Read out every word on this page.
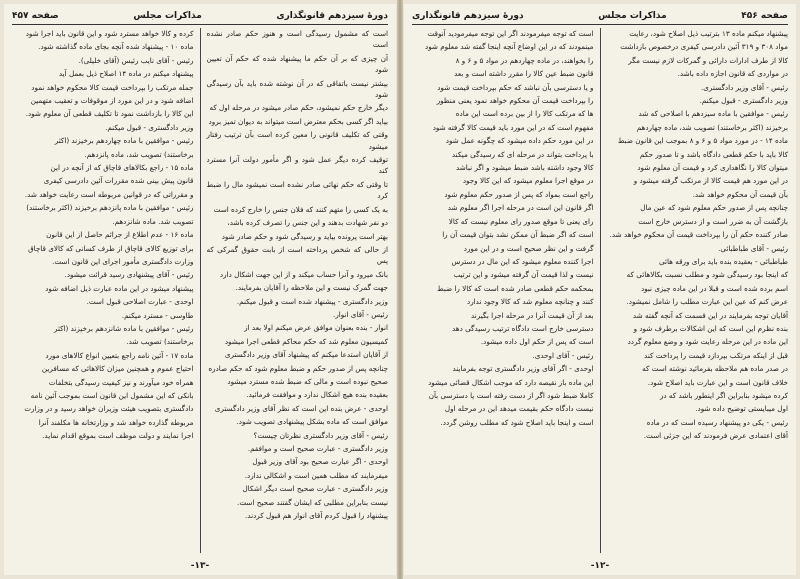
دورۀ سیزدهم قانونگذاری
مذاکرات مجلس
صفحه ۴۵۷

است که مشمول رسیدگی است و هنوز حکم صادر نشده است

آن چیزی که بر آن حکم ما پیشنهاد شده که حکم آن تعیین شود

بیشتر نیست باتفاقی که در آن نوشته شده باید بآن رسیدگی شود

دیگر خارج حکم نمیشود، حکم صادر میشود در مرحله اول که

بیاید اگر کسی بحکم معترض است میتواند به دیوان تمیز برود

وقتی که تکلیف قانونی را معین کرده است بآن ترتیب رفتار میشود

توقیف کرده دیگر عمل شود و اگر مأمور دولت آنرا مسترد کند

تا وقتی که حکم نهائی صادر نشده است نمیشود مال را ضبط کرد

به یک کسی را متهم کنند که فلان جنس را خارج کرده است

دو نفر شهادت بدهند و این جنس را تصرف کرده باشد،

بهتر است پرونده بیاید و رسیدگی شود و حکم صادر شود

از حالی که شخص پرداخته است از بابت حقوق گمرکی که پس

بانک میرود و آنرا حساب میکند و از این جهت اشکال دارد

جهت گمرک نیست و این ملاحظه را آقایان بفرمایند.

وزیر دادگستری - پیشنهاد شده است و قبول میکنم.

رئیس - آقای انوار.

انوار - بنده بعنوان موافق عرض میکنم اولا بعد از

کمیسیون معلوم شد که حکم محاکم قطعی اجرا میشود

از آقایان استدعا میکنم که پیشنهاد آقای وزیر دادگستری

چنانچه پس از صدور حکم و ضبط معلوم شود که حکم صادره

صحیح نبوده است و مالی که ضبط شده مسترد میشود

بعقیده بنده هیچ اشکال ندارد و موافقت فرمائید.

اوحدی - عرض بنده این است که نظر آقای وزیر دادگستری

موافق است که ماده بشکل پیشنهادی تصویب شود.

رئیس - آقای وزیر دادگستری نظرتان چیست؟

وزیر دادگستری - عبارت صحیح است و موافقم.

اوحدی - اگر عبارت صحیح بود آقای وزیر قبول

میفرمایند که مطلب همین است و اشکالی ندارد.

وزیر دادگستری - عبارت صحیح است دیگر اشکال

نیست بنابراین مطلبی که ایشان گفتند صحیح است.

پیشنهاد را قبول کردم آقای انوار هم قبول کردند.

کرده و کالا خواهد مسترد شود و این قانون باید اجرا شود

ماده ۱۰ - پیشنهاد شده آنچه بجای ماده گذاشته شود.

رئیس - آقای نایب رئیس (آقای خلیلی).

پیشنهاد میکنم در ماده ۱۴ اصلاح ذیل بعمل آید

جمله مرتکب را بپرداخت قیمت کالا محکوم خواهد نمود

اضافه شود و در این مورد از موقوفات و تعقیب متهمین

این کالا را بازداشت نمود تا تکلیف قطعی آن معلوم شود.

وزیر دادگستری - قبول میکنم.

رئیس - موافقین با ماده چهاردهم برخیزند (اکثر

برخاستند) تصویب شد، ماده پانزدهم.

ماده ۱۵ - راجع بکالاهای قاچاق که از آنچه در این

قانون پیش بینی شده مقررات آئین دادرسی کیفری

و مقرراتی که در قوانین مربوطه است رعایت خواهد شد.

رئیس - موافقین با ماده پانزدهم برخیزند (اکثر برخاستند)

تصویب شد. ماده شانزدهم.

ماده ۱۶ - عدم اطلاع از جرائم حاصل از این قانون

برای توزیع کالای قاچاق از طرف کسانی که کالای قاچاق

وزارت دادگستری مأمور اجرای این قانون است.

رئیس - آقای پیشنهادی رسید قرائت میشود.

پیشنهاد میشود در این ماده عبارت ذیل اضافه شود

اوحدی - عبارت اصلاحی قبول است.

طاوسی - مسترد میکنم.

رئیس - موافقین با ماده شانزدهم برخیزند (اکثر

برخاستند) تصویب شد.

ماده ۱۷ - آئین نامه راجع بتعیین انواع کالاهای مورد

احتیاج عموم و همچنین میزان کالاهائی که مسافرین

همراه خود میآورند و نیز کیفیت رسیدگی بتخلفات

بانکی که این مشمول این قانون است بموجب آئین نامه

دادگستری بتصویب هیئت وزیران خواهد رسید و در وزارت

مربوطه گذارده خواهد شد و وزارتخانه ها مکلفند آنرا

اجرا نمایند و دولت موظف است بموقع اقدام نماید.

-۱۳-
صفحه ۴۵۶
مذاکرات مجلس
دورۀ سیزدهم قانونگذاری

پیشنهاد میکنم ماده ۱۳ بترتیب ذیل اصلاح شود، رعایت

مواد ۳۰۸ و ۳۱۹ آئین دادرسی کیفری درخصوص بازداشت

کالا از طرف ادارات دارائی و گمرکات لازم نیست مگر

در مواردی که قانون اجازه داده باشد.

رئیس - آقای وزیر دادگستری.

وزیر دادگستری - قبول میکنم.

رئیس - موافقین با ماده سیزدهم با اصلاحی که شد

برخیزند (اکثر برخاستند) تصویب شد، ماده چهاردهم

ماده ۱۴ - در مورد مواد ۵ و ۶ و ۸ بموجب این قانون ضبط

کالا باید با حکم قطعی دادگاه باشد و تا صدور حکم

میتوان کالا را نگاهداری کرد و قیمت آن معلوم شود

در این مورد هم قیمت کالا از مرتکب گرفته میشود و

بآن قیمت آن محکوم خواهد شد.

چنانچه پس از صدور حکم معلوم شود که عین مال

بازگشت آن به ضرر است و از دسترس خارج است

صادر کننده حکم آن را بپرداخت قیمت آن محکوم خواهد شد.

رئیس - آقای طباطبائی.

طباطبائی - بعقیده بنده باید برای ورقه هائی

که اینجا بود رسیدگی شود و مطلب نسبت بکالاهائی که

اسم برده شده است و قبلا در این ماده چیزی نبود

عرض کنم که عین این عبارت مطلب را شامل نمیشود.

آقایان توجه بفرمایند در این قسمت که آنچه گفته شد

بنده نظرم این است که این اشکالات برطرف شود و

این ماده در این مرحله رعایت شود و وضع معلوم گردد

قبل از اینکه مرتکب بپردازد قیمت را پرداخت کند

در صدر ماده هم ملاحظه بفرمائید نوشته است که

خلاف قانون است و این عبارت باید اصلاح شود.

کرده میشود بنابراین اگر اینطور باشد که در

اول میبایستی توضیح داده شود.

رئیس - یکی دو پیشنهاد رسیده است که در ماده

آقای اعتمادی عرض فرمودند که این جزئی است.

است که توجه میفرمودند اگر این توجه میفرمودید آنوقت

مینمودند که در این اوضاع آنچه اینجا گفته شد معلوم شود

را بخواهند، در ماده چهاردهم در مواد ۵ و ۶ و ۸

قانون ضبط عین کالا را مقرر داشته است و بعد

و یا دسترسی بآن نباشد که حکم بپرداخت قیمت شود

را بپرداخت قیمت آن محکوم خواهد نمود یعنی منظور

ها که مرتکب کالا را از بین برده است این ماده

مفهوم است که در این مورد باید قیمت کالا گرفته شود

در این مورد حکم داده میشود که چگونه عمل شود

با پرداخت بتواند در مرحله ای که رسیدگی میکند

کالا وجود داشته باشد ضبط میشود و اگر نباشد

در موقع اجرا معلوم میشود که این کالا وجود

راجع است بمواد که پس از صدور حکم معلوم شود

اگر قانون این است در مرحله اجرا اگر معلوم شد

رای یعنی تا موقع صدور رای معلوم نیست که کالا

است که اگر ضبط آن ممکن نشد بتوان قیمت آن را

گرفت و این نظر صحیح است و در این مورد

اجرا کننده معلوم میشود که این مال در دسترس

نیست و لذا قیمت آن گرفته میشود و این ترتیب

بمحکمه حکم قطعی صادر شده است که کالا را ضبط

کنند و چنانچه معلوم شد که کالا وجود ندارد

بعد از آن قیمت آنرا در مرحله اجرا بگیرند

دسترسی خارج است دادگاه ترتیب رسیدگی دهد

است که پس از حکم اول داده میشود.

رئیس - آقای اوحدی.

اوحدی - اگر آقای وزیر دادگستری توجه بفرمایند

این ماده باز نقیصه دارد که موجب اشکال قضائی میشود

کاملا ضبط شود اگر از دست رفته است یا دسترسی بآن

نیست دادگاه حکم بقیمت میدهد این در مرحله اول

است و اینجا باید اصلاح شود که مطلب روشن گردد.

-۱۲-
